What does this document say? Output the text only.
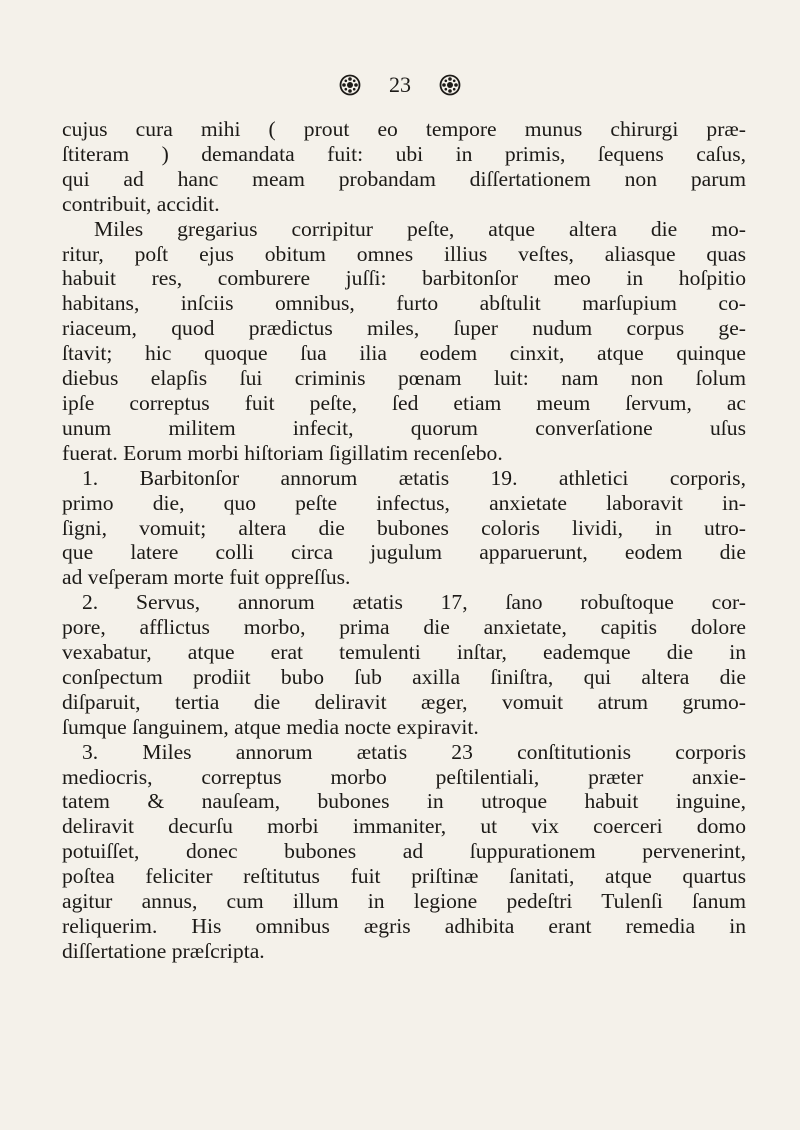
23
cujus cura mihi ( prout eo tempore munus chirurgi præ-
ſtiteram ) demandata fuit: ubi in primis, ſequens caſus,
qui ad hanc meam probandam diſſertationem non parum
contribuit, accidit.
Miles gregarius corripitur peſte, atque altera die mo-
ritur, poſt ejus obitum omnes illius veſtes, aliasque quas
habuit res, comburere juſſi: barbitonſor meo in hoſpitio
habitans, inſciis omnibus, furto abſtulit marſupium co-
riaceum, quod prædictus miles, ſuper nudum corpus ge-
ſtavit; hic quoque ſua ilia eodem cinxit, atque quinque
diebus elapſis ſui criminis pœnam luit: nam non ſolum
ipſe correptus fuit peſte, ſed etiam meum ſervum, ac
unum militem infecit, quorum converſatione uſus
fuerat. Eorum morbi hiſtoriam ſigillatim recenſebo.
1. Barbitonſor annorum ætatis 19. athletici corporis,
primo die, quo peſte infectus, anxietate laboravit in-
ſigni, vomuit; altera die bubones coloris lividi, in utro-
que latere colli circa jugulum apparuerunt, eodem die
ad veſperam morte fuit oppreſſus.
2. Servus, annorum ætatis 17, ſano robuſtoque cor-
pore, afflictus morbo, prima die anxietate, capitis dolore
vexabatur, atque erat temulenti inſtar, eademque die in
conſpectum prodiit bubo ſub axilla ſiniſtra, qui altera die
diſparuit, tertia die deliravit æger, vomuit atrum grumo-
ſumque ſanguinem, atque media nocte expiravit.
3. Miles annorum ætatis 23 conſtitutionis corporis
mediocris, correptus morbo peſtilentiali, præter anxie-
tatem & nauſeam, bubones in utroque habuit inguine,
deliravit decurſu morbi immaniter, ut vix coerceri domo
potuiſſet, donec bubones ad ſuppurationem pervenerint,
poſtea feliciter reſtitutus fuit priſtinæ ſanitati, atque quartus
agitur annus, cum illum in legione pedeſtri Tulenſi ſanum
reliquerim. His omnibus ægris adhibita erant remedia in
diſſertatione præſcripta.
